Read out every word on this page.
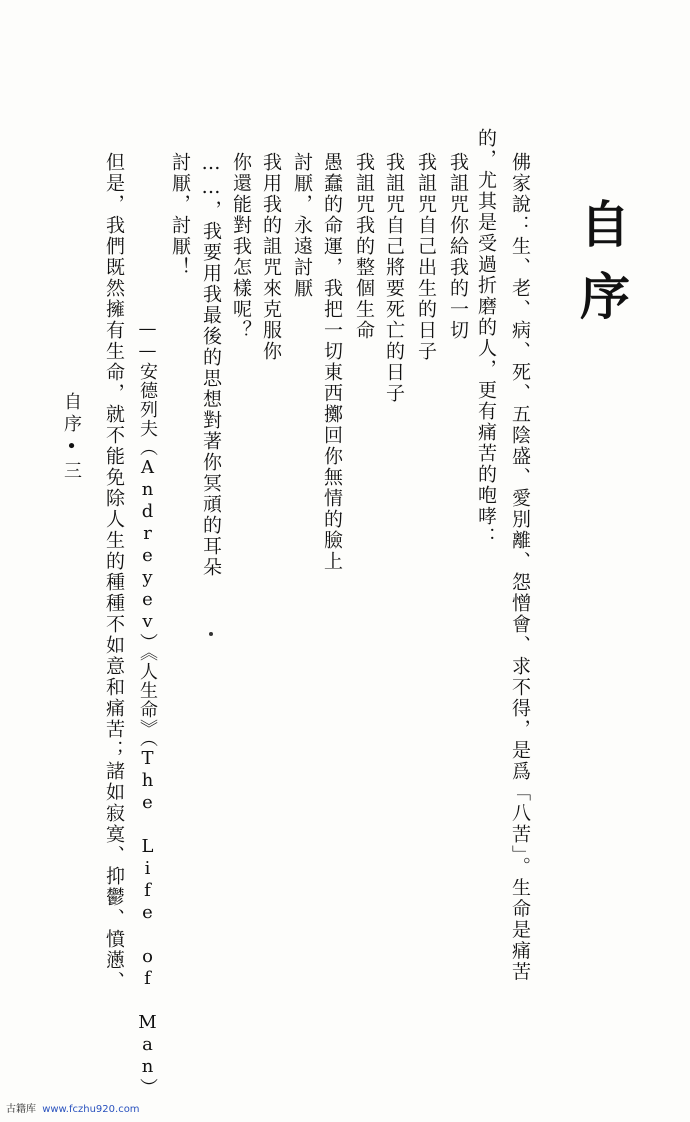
自序
佛家說：生、老、病、死、五陰盛、愛別離、怨憎會、求不得，是爲「八苦」。生命是痛苦
的，尤其是受過折磨的人，更有痛苦的咆哮：
我詛咒你給我的一切
我詛咒自己出生的日子
我詛咒自己將要死亡的日子
我詛咒我的整個生命
愚蠢的命運，我把一切東西擲回你無情的臉上
討厭，永遠討厭
我用我的詛咒來克服你
你還能對我怎樣呢？
……，我要用我最後的思想對著你冥頑的耳朵
討厭，討厭！
——安德列夫（Andreyev）《人生命》（The Life of Man）
但是，我們既然擁有生命，就不能免除人生的種種不如意和痛苦；諸如寂寞、抑鬱、憤懣、
自序•三
古籍库 www.fczhu920.com
